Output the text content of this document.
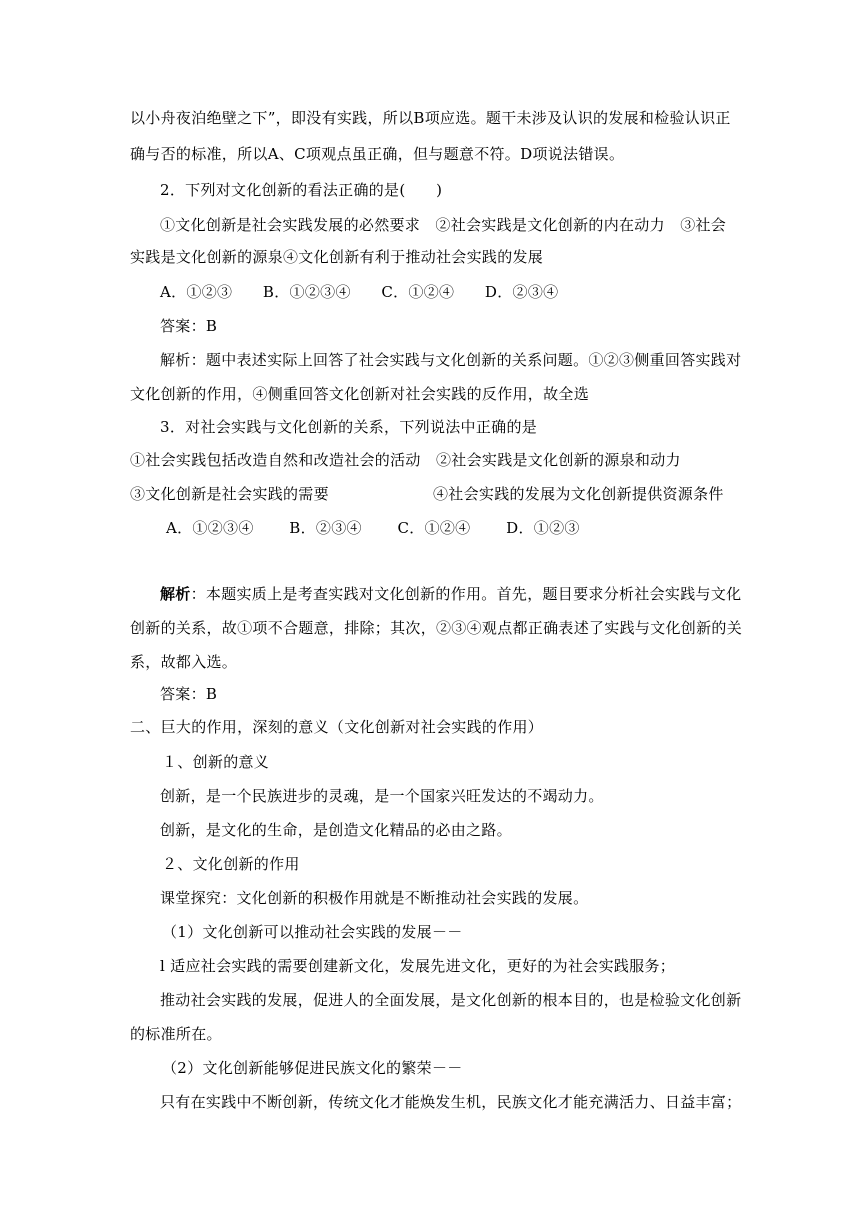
以小舟夜泊绝壁之下”，即没有实践，所以B项应选。题干未涉及认识的发展和检验认识正
确与否的标准，所以A、C项观点虽正确，但与题意不符。D项说法错误。
2．下列对文化创新的看法正确的是(　　)
①文化创新是社会实践发展的必然要求　②社会实践是文化创新的内在动力　③社会
实践是文化创新的源泉④文化创新有利于推动社会实践的发展
A．①②③　　B．①②③④　　C．①②④　　D．②③④
答案：B
解析：题中表述实际上回答了社会实践与文化创新的关系问题。①②③侧重回答实践对
文化创新的作用，④侧重回答文化创新对社会实践的反作用，故全选
3．对社会实践与文化创新的关系，下列说法中正确的是
①社会实践包括改造自然和改造社会的活动　②社会实践是文化创新的源泉和动力
③文化创新是社会实践的需要	④社会实践的发展为文化创新提供资源条件
A．①②③④　　 B．②③④　　 C．①②④　　 D．①②③
解析：本题实质上是考查实践对文化创新的作用。首先，题目要求分析社会实践与文化
创新的关系，故①项不合题意，排除；其次，②③④观点都正确表述了实践与文化创新的关
系，故都入选。
答案：B
二、巨大的作用，深刻的意义（文化创新对社会实践的作用）
１、创新的意义
创新，是一个民族进步的灵魂，是一个国家兴旺发达的不竭动力。
创新，是文化的生命，是创造文化精品的必由之路。
２、文化创新的作用
课堂探究：文化创新的积极作用就是不断推动社会实践的发展。
（1）文化创新可以推动社会实践的发展－－
l 适应社会实践的需要创建新文化，发展先进文化，更好的为社会实践服务；
推动社会实践的发展，促进人的全面发展，是文化创新的根本目的，也是检验文化创新
的标准所在。
（2）文化创新能够促进民族文化的繁荣－－
只有在实践中不断创新，传统文化才能焕发生机，民族文化才能充满活力、日益丰富；
